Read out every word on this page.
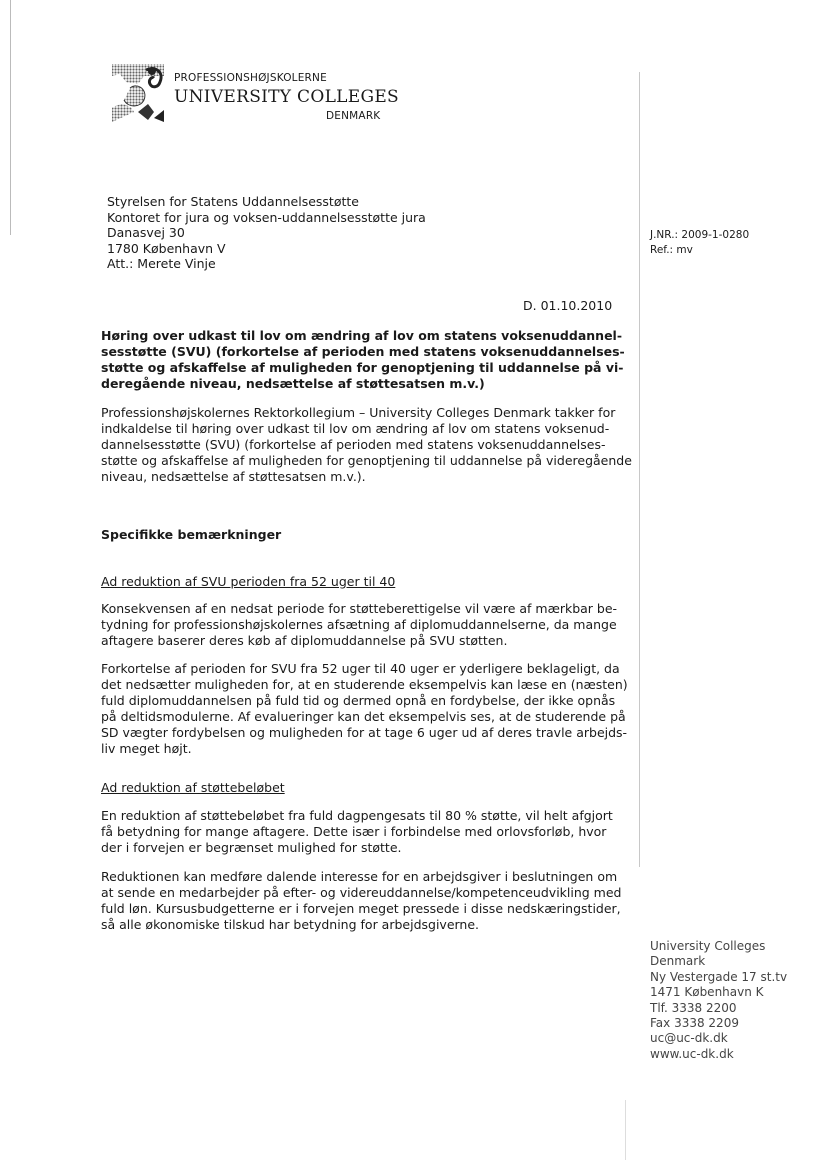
PROFESSIONSHØJSKOLERNE
UNIVERSITY COLLEGES
DENMARK
Styrelsen for Statens Uddannelsesstøtte
Kontoret for jura og voksen-uddannelsesstøtte jura
Danasvej 30
1780 København V
Att.: Merete Vinje
J.NR.: 2009-1-0280
Ref.: mv
D. 01.10.2010
Høring over udkast til lov om ændring af lov om statens voksenuddannel-
sesstøtte (SVU) (forkortelse af perioden med statens voksenuddannelses-
støtte og afskaffelse af muligheden for genoptjening til uddannelse på vi-
deregående niveau, nedsættelse af støttesatsen m.v.)
Professionshøjskolernes Rektorkollegium – University Colleges Denmark takker for
indkaldelse til høring over udkast til lov om ændring af lov om statens voksenud-
dannelsesstøtte (SVU) (forkortelse af perioden med statens voksenuddannelses-
støtte og afskaffelse af muligheden for genoptjening til uddannelse på videregående
niveau, nedsættelse af støttesatsen m.v.).
Specifikke bemærkninger
Ad reduktion af SVU perioden fra 52 uger til 40
Konsekvensen af en nedsat periode for støtteberettigelse vil være af mærkbar be-
tydning for professionshøjskolernes afsætning af diplomuddannelserne, da mange
aftagere baserer deres køb af diplomuddannelse på SVU støtten.
Forkortelse af perioden for SVU fra 52 uger til 40 uger er yderligere beklageligt, da
det nedsætter muligheden for, at en studerende eksempelvis kan læse en (næsten)
fuld diplomuddannelsen på fuld tid og dermed opnå en fordybelse, der ikke opnås
på deltidsmodulerne. Af evalueringer kan det eksempelvis ses, at de studerende på
SD vægter fordybelsen og muligheden for at tage 6 uger ud af deres travle arbejds-
liv meget højt.
Ad reduktion af støttebeløbet
En reduktion af støttebeløbet fra fuld dagpengesats til 80 % støtte, vil helt afgjort
få betydning for mange aftagere. Dette især i forbindelse med orlovsforløb, hvor
der i forvejen er begrænset mulighed for støtte.
Reduktionen kan medføre dalende interesse for en arbejdsgiver i beslutningen om
at sende en medarbejder på efter- og videreuddannelse/kompetenceudvikling med
fuld løn. Kursusbudgetterne er i forvejen meget pressede i disse nedskæringstider,
så alle økonomiske tilskud har betydning for arbejdsgiverne.
University Colleges
Denmark
Ny Vestergade 17 st.tv
1471 København K
Tlf. 3338 2200
Fax 3338 2209
uc@uc-dk.dk
www.uc-dk.dk
